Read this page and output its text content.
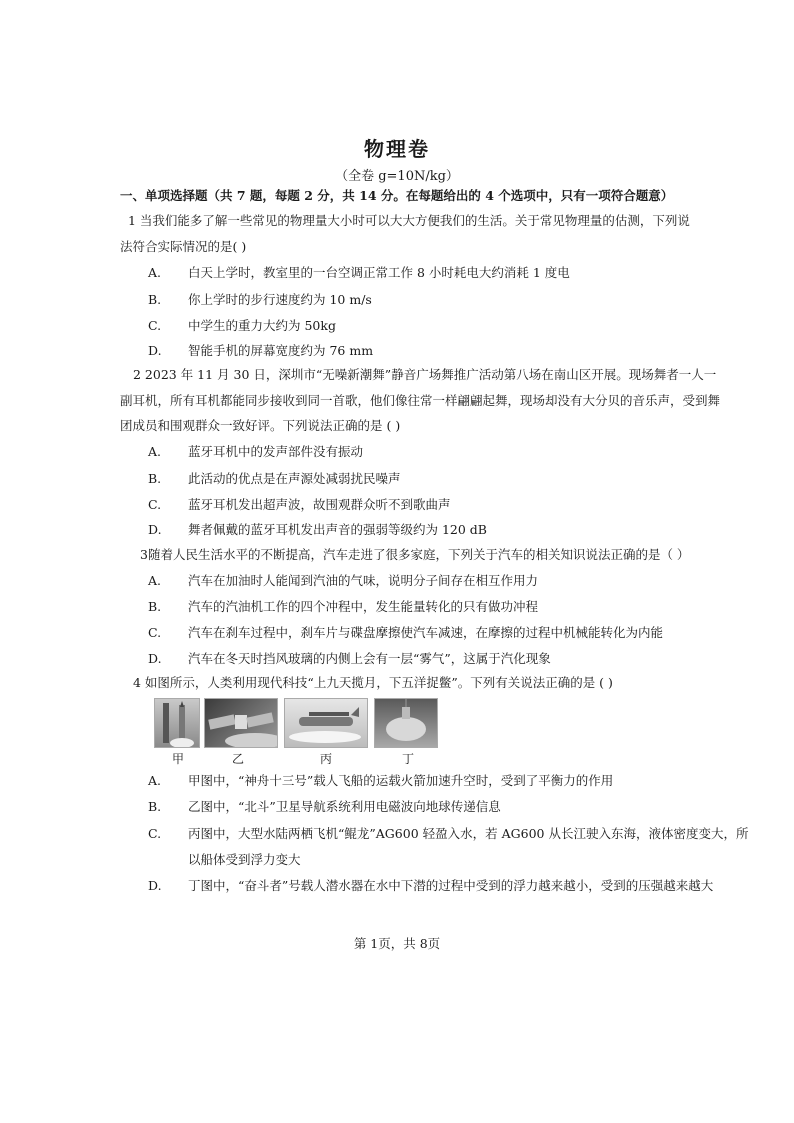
物理卷
（全卷 g=10N/kg）
一、单项选择题（共 7 题，每题 2 分，共 14 分。在每题给出的 4 个选项中，只有一项符合题意）
1 当我们能多了解一些常见的物理量大小时可以大大方便我们的生活。关于常见物理量的估测，下列说
法符合实际情况的是( )
A. 白天上学时，教室里的一台空调正常工作 8 小时耗电大约消耗 1 度电
B. 你上学时的步行速度约为 10 m/s
C. 中学生的重力大约为 50kg
D. 智能手机的屏幕宽度约为 76 mm
2 2023 年 11 月 30 日，深圳市“无噪新潮舞”静音广场舞推广活动第八场在南山区开展。现场舞者一人一
副耳机，所有耳机都能同步接收到同一首歌，他们像往常一样翩翩起舞，现场却没有大分贝的音乐声，受到舞
团成员和围观群众一致好评。下列说法正确的是 ( )
A. 蓝牙耳机中的发声部件没有振动
B. 此活动的优点是在声源处减弱扰民噪声
C. 蓝牙耳机发出超声波，故围观群众听不到歌曲声
D. 舞者佩戴的蓝牙耳机发出声音的强弱等级约为 120 dB
3随着人民生活水平的不断提高，汽车走进了很多家庭，下列关于汽车的相关知识说法正确的是（ ）
A. 汽车在加油时人能闻到汽油的气味，说明分子间存在相互作用力
B. 汽车的汽油机工作的四个冲程中，发生能量转化的只有做功冲程
C. 汽车在刹车过程中，刹车片与碟盘摩擦使汽车减速，在摩擦的过程中机械能转化为内能
D. 汽车在冬天时挡风玻璃的内侧上会有一层“雾气”，这属于汽化现象
4 如图所示，人类利用现代科技“上九天揽月，下五洋捉鳖”。下列有关说法正确的是 ( )
甲	乙	丙	丁
A. 甲图中，“神舟十三号”载人飞船的运载火箭加速升空时，受到了平衡力的作用
B. 乙图中，“北斗”卫星导航系统利用电磁波向地球传递信息
C. 丙图中，大型水陆两栖飞机“鲲龙”AG600 轻盈入水，若 AG600 从长江驶入东海，液体密度变大，所
以船体受到浮力变大
D. 丁图中，“奋斗者”号载人潜水器在水中下潜的过程中受到的浮力越来越小，受到的压强越来越大
第 1页，共 8页
